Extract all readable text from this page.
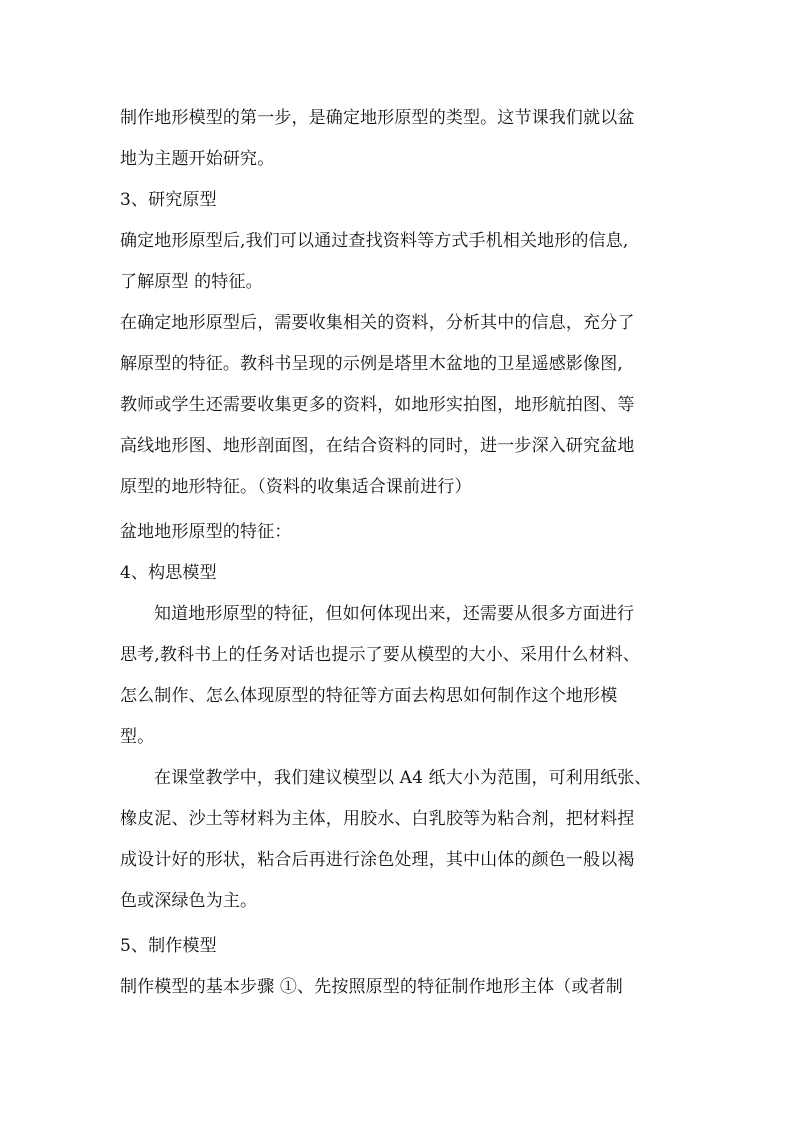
制作地形模型的第一步，是确定地形原型的类型。这节课我们就以盆
地为主题开始研究。
3、研究原型
确定地形原型后,我们可以通过查找资料等方式手机相关地形的信息,
了解原型 的特征。
在确定地形原型后，需要收集相关的资料，分析其中的信息，充分了
解原型的特征。教科书呈现的示例是塔里木盆地的卫星遥感影像图,
教师或学生还需要收集更多的资料，如地形实拍图，地形航拍图、等
高线地形图、地形剖面图，在结合资料的同时，进一步深入研究盆地
原型的地形特征。（资料的收集适合课前进行）
盆地地形原型的特征：
4、构思模型
知道地形原型的特征，但如何体现出来，还需要从很多方面进行
思考,教科书上的任务对话也提示了要从模型的大小、采用什么材料、
怎么制作、怎么体现原型的特征等方面去构思如何制作这个地形模
型。
在课堂教学中，我们建议模型以 A4 纸大小为范围，可利用纸张、
橡皮泥、沙土等材料为主体，用胶水、白乳胶等为粘合剂，把材料捏
成设计好的形状，粘合后再进行涂色处理，其中山体的颜色一般以褐
色或深绿色为主。
5、制作模型
制作模型的基本步骤 ①、先按照原型的特征制作地形主体（或者制
